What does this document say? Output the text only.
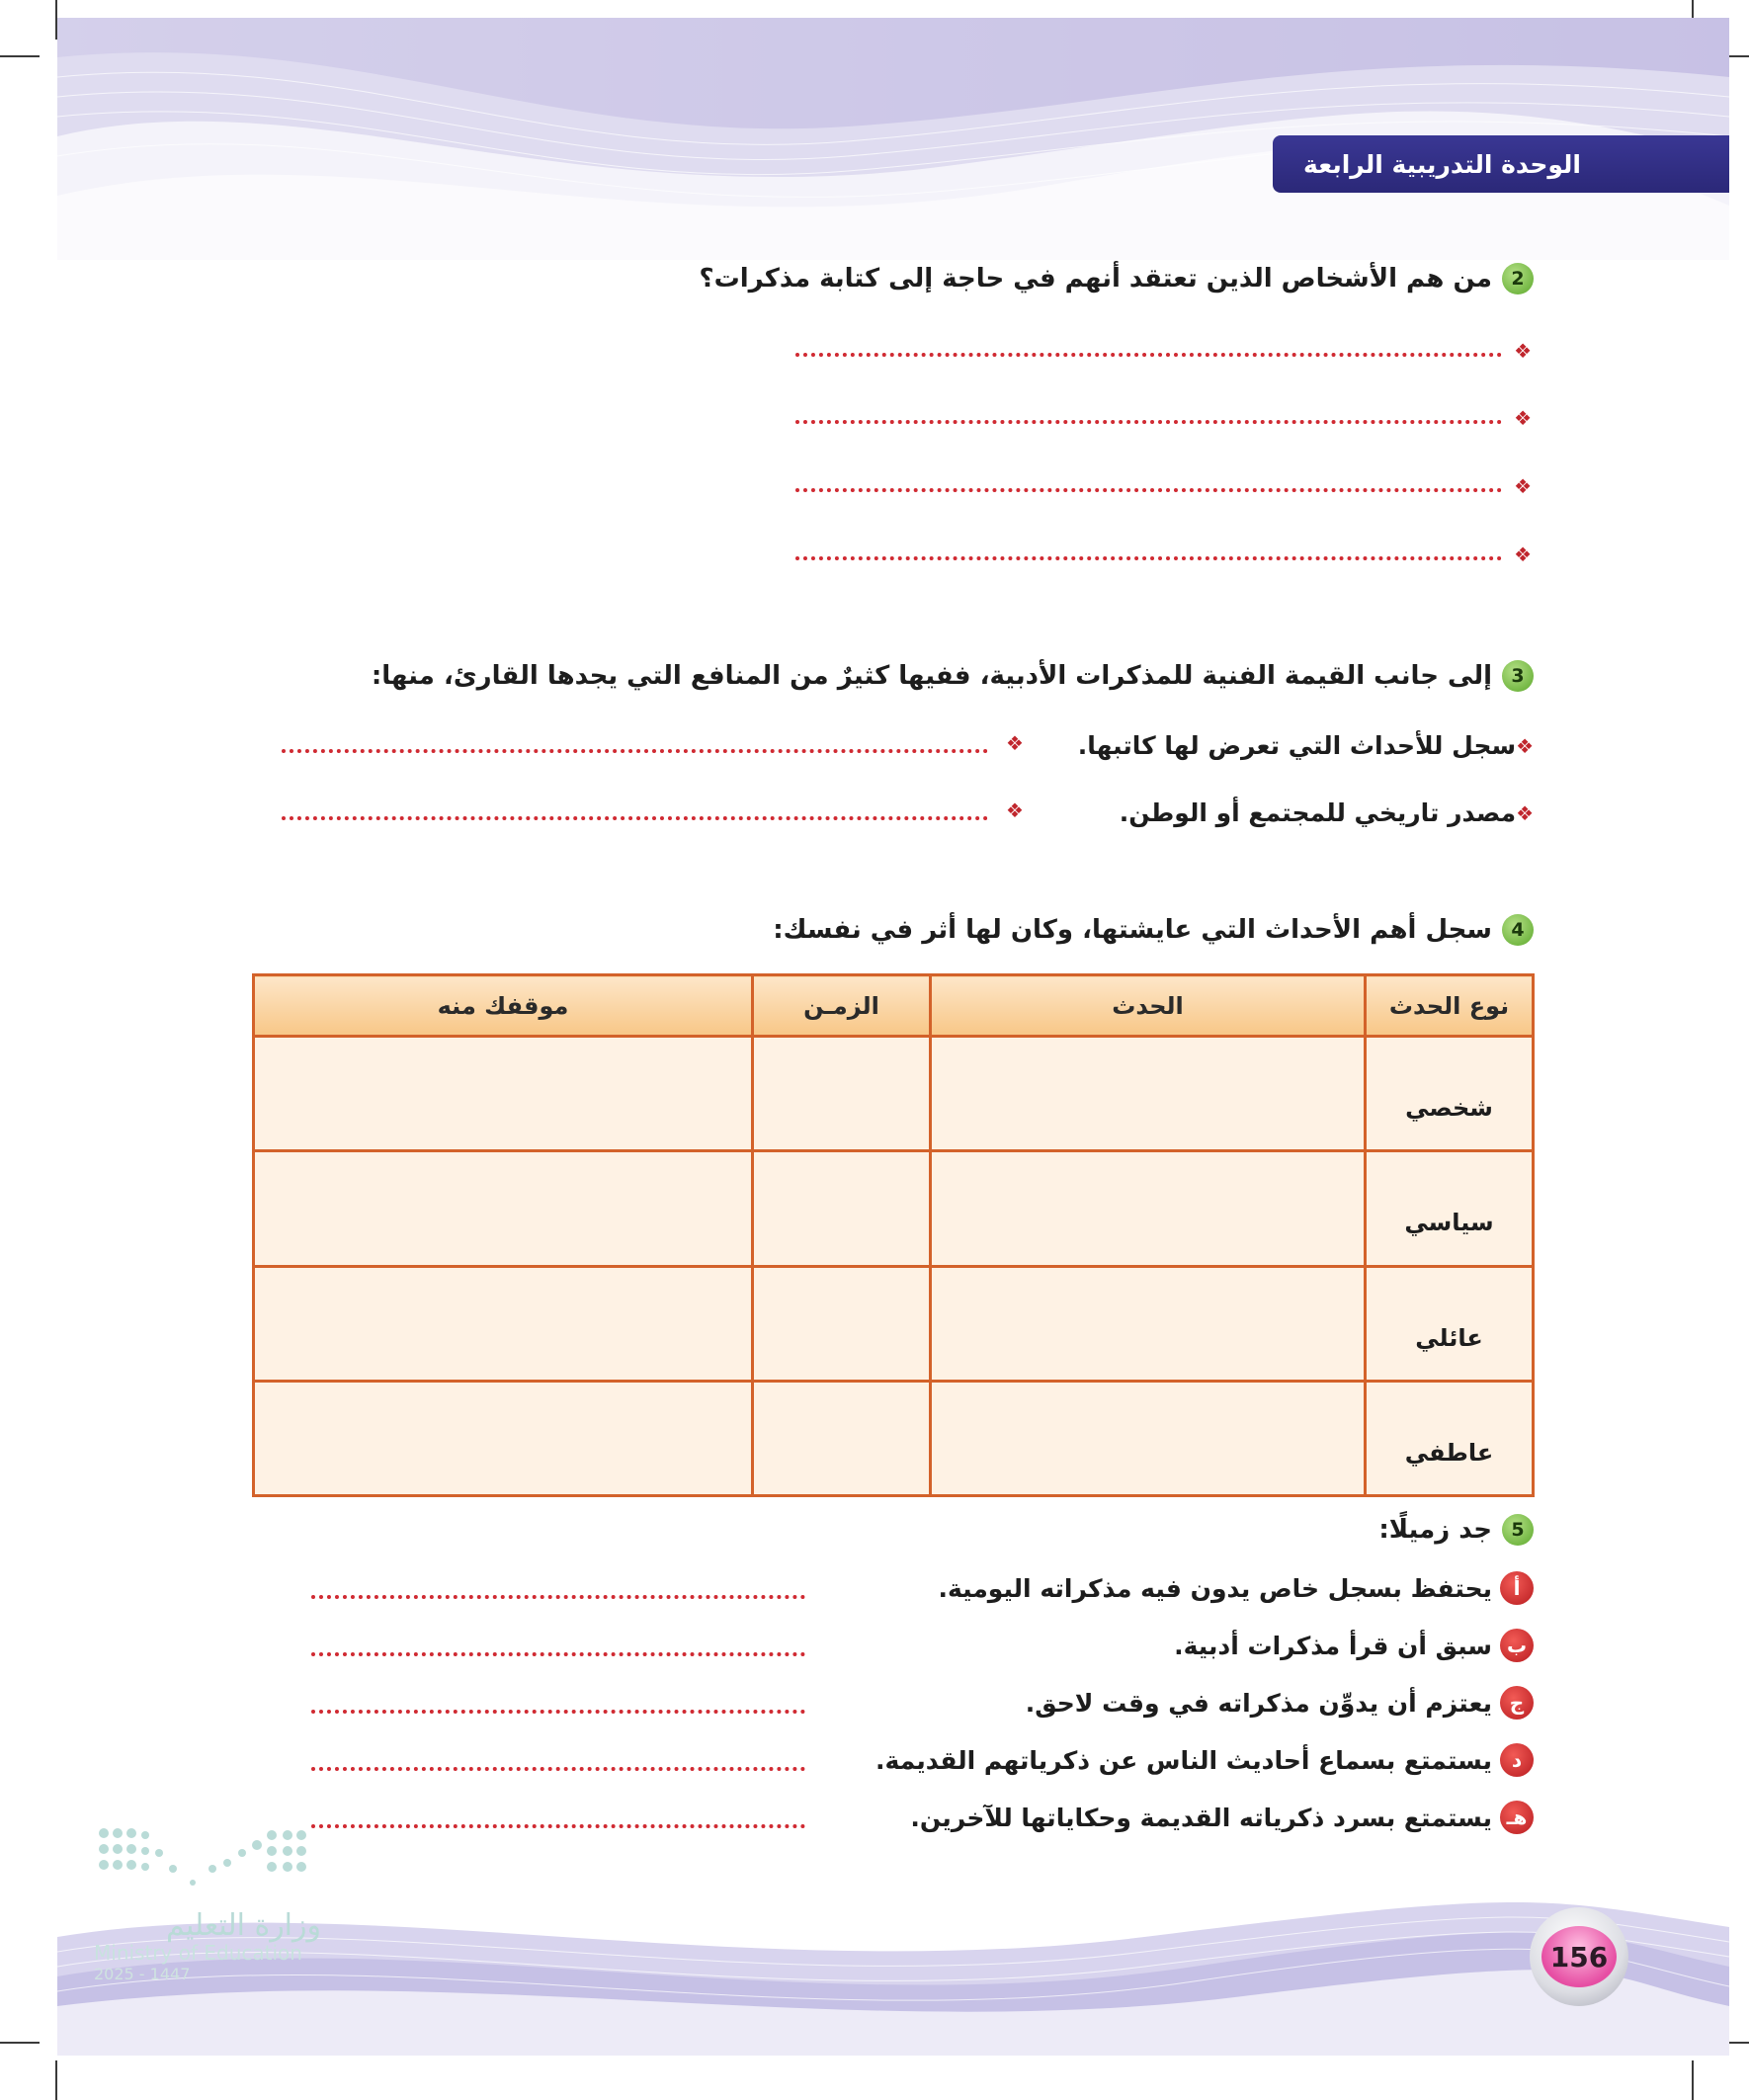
الوحدة التدريبية الرابعة
2
من هم الأشخاص الذين تعتقد أنهم في حاجة إلى كتابة مذكرات؟
❖
❖
❖
❖
3
إلى جانب القيمة الفنية للمذكرات الأدبية، ففيها كثيرٌ من المنافع التي يجدها القارئ، منها:
❖
سجل للأحداث التي تعرض لها كاتبها.
❖
❖
مصدر تاريخي للمجتمع أو الوطن.
❖
4
سجل أهم الأحداث التي عايشتها، وكان لها أثر في نفسك:
نوع الحدث	الحدث	الزمـن	موقفك منه
شخصي			
سياسي			
عائلي			
عاطفي			
5
جد زميلًا:
أ
يحتفظ بسجل خاص يدون فيه مذكراته اليومية.
ب
سبق أن قرأ مذكرات أدبية.
ج
يعتزم أن يدوِّن مذكراته في وقت لاحق.
د
يستمتع بسماع أحاديث الناس عن ذكرياتهم القديمة.
هـ
يستمتع بسرد ذكرياته القديمة وحكاياتها للآخرين.
وزارة التعليم
Ministry of Education
2025 - 1447
156
